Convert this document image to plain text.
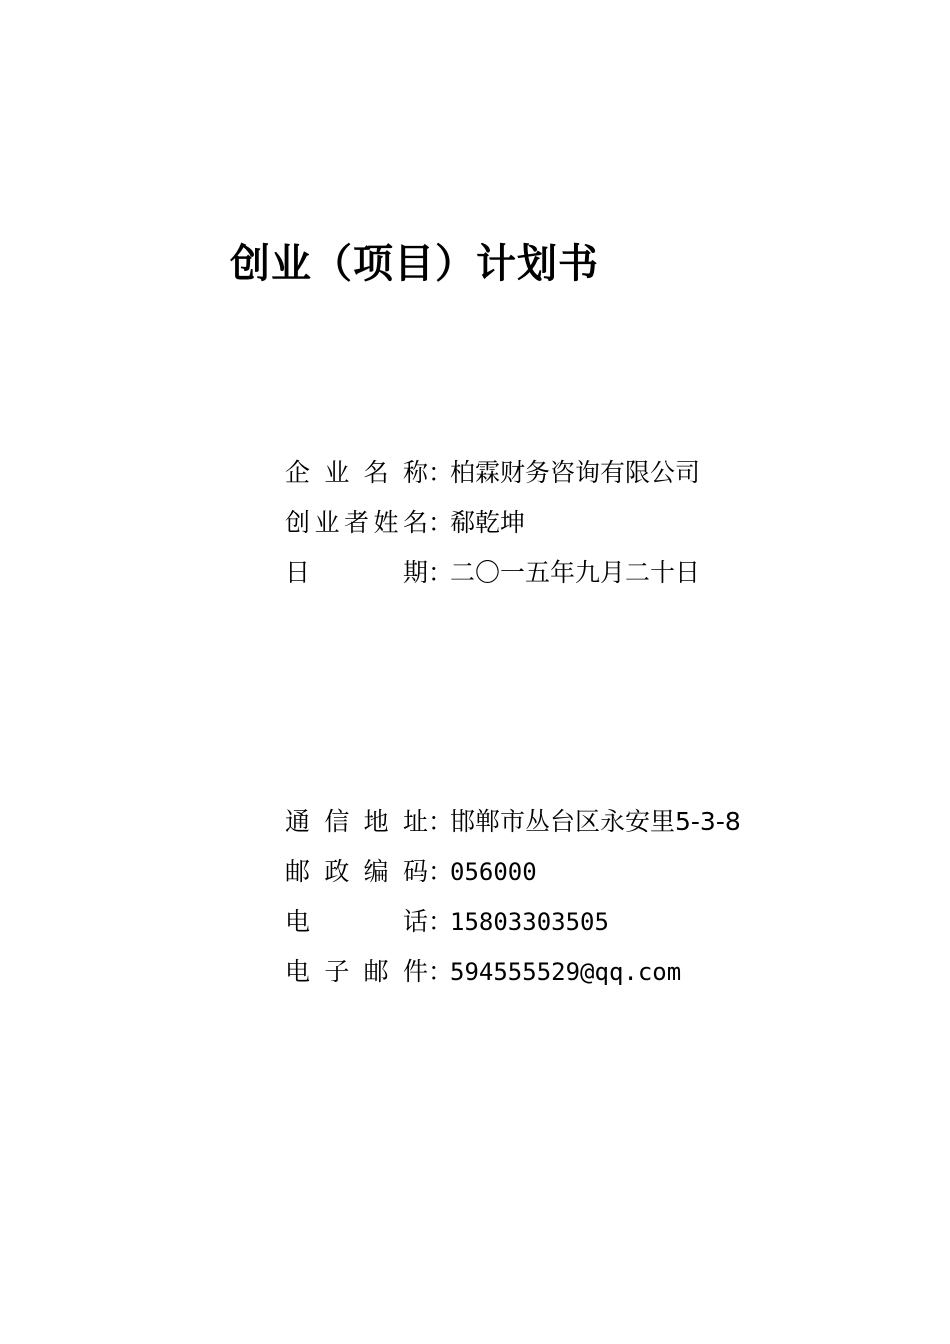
创业（项目）计划书
企 业 名 称 ：
柏霖财务咨询有限公司
创 业 者 姓 名 ：
郗乾坤
日	期 ：
二〇一五年九月二十日
通 信 地 址 ：
邯郸市丛台区永安里5-3-8
邮 政 编 码 ：
056000
电	话 ：
15803303505
电 子 邮 件 ：
594555529@qq.com
